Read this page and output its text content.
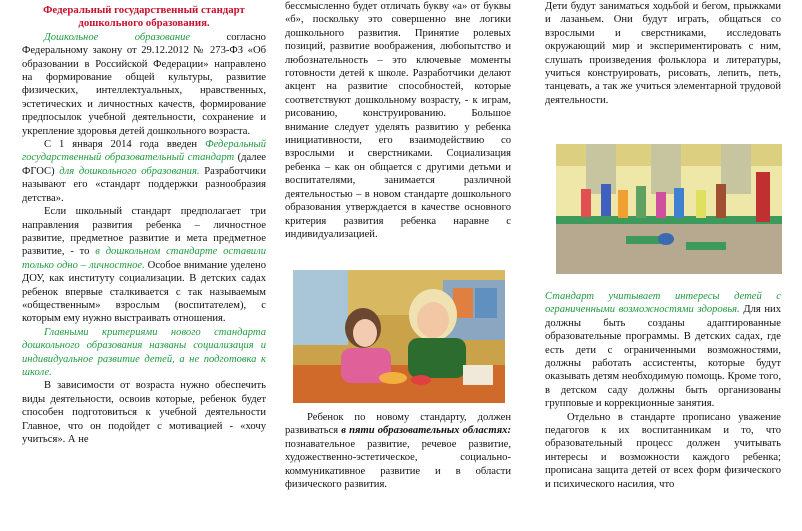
Федеральный государственный стандарт
дошкольного образования.

Дошкольное образование согласно Федеральному закону от 29.12.2012 № 273-ФЗ «Об образовании в Российской Федерации» направлено на формирование общей культуры, развитие физических, интеллектуальных, нравственных, эстетических и личностных качеств, формирование предпосылок учебной деятельности, сохранение и укрепление здоровья детей дошкольного возраста.

С 1 января 2014 года введен Федеральный государственный образовательный стандарт (далее ФГОС) для дошкольного образования. Разработчики называют его «стандарт поддержки разнообразия детства».

Если школьный стандарт предполагает три направления развития ребенка – личностное развитие, предметное развитие и мета предметное развитие, - то в дошкольном стандарте оставили только одно – личностное. Особое внимание уделено ДОУ, как институту социализации. В детских садах ребенок впервые сталкивается с так называемым «общественным» взрослым (воспитателем), с которым ему нужно выстраивать отношения.

Главными критериями нового стандарта дошкольного образования названы социализация и индивидуальное развитие детей, а не подготовка к школе.

В зависимости от возраста нужно обеспечить виды деятельности, освоив которые, ребенок будет способен подготовиться к учебной деятельности Главное, что он подойдет с мотивацией - «хочу учиться». А не

бессмысленно будет отличать букву «а» от буквы «б», поскольку это совершенно вне логики дошкольного развития. Принятие ролевых позиций, развитие воображения, любопытство и любознательность – это ключевые моменты готовности детей к школе. Разработчики делают акцент на развитие способностей, которые соответствуют дошкольному возрасту, - к играм, рисованию, конструированию. Большое внимание следует уделять развитию у ребенка инициативности, его взаимодействию со взрослыми и сверстниками. Социализация ребенка – как он общается с другими детьми и воспитателями, занимается различной деятельностью – в новом стандарте дошкольного образования утверждается в качестве основного критерия развития ребенка наравне с индивидуализацией.

Ребенок по новому стандарту, должен развиваться в пяти образовательных областях: познавательное развитие, речевое развитие, художественно-эстетическое, социально-коммуникативное развитие и в области физического развития.

Дети будут заниматься ходьбой и бегом, прыжками и лазаньем. Они будут играть, общаться со взрослыми и сверстниками, исследовать окружающий мир и экспериментировать с ним, слушать произведения фольклора и литературы, учиться конструировать, рисовать, лепить, петь, танцевать, а так же учиться элементарной трудовой деятельности.

Стандарт учитывает интересы детей с ограниченными возможностями здоровья. Для них должны быть созданы адаптированные образовательные программы. В детских садах, где есть дети с ограниченными возможностями, должны работать ассистенты, которые будут оказывать детям необходимую помощь. Кроме того, в детском саду должны быть организованы групповые и коррекционные занятия.

Отдельно в стандарте прописано уважение педагогов к их воспитанникам и то, что образовательный процесс должен учитывать интересы и возможности каждого ребенка; прописана защита детей от всех форм физического и психического насилия, что
